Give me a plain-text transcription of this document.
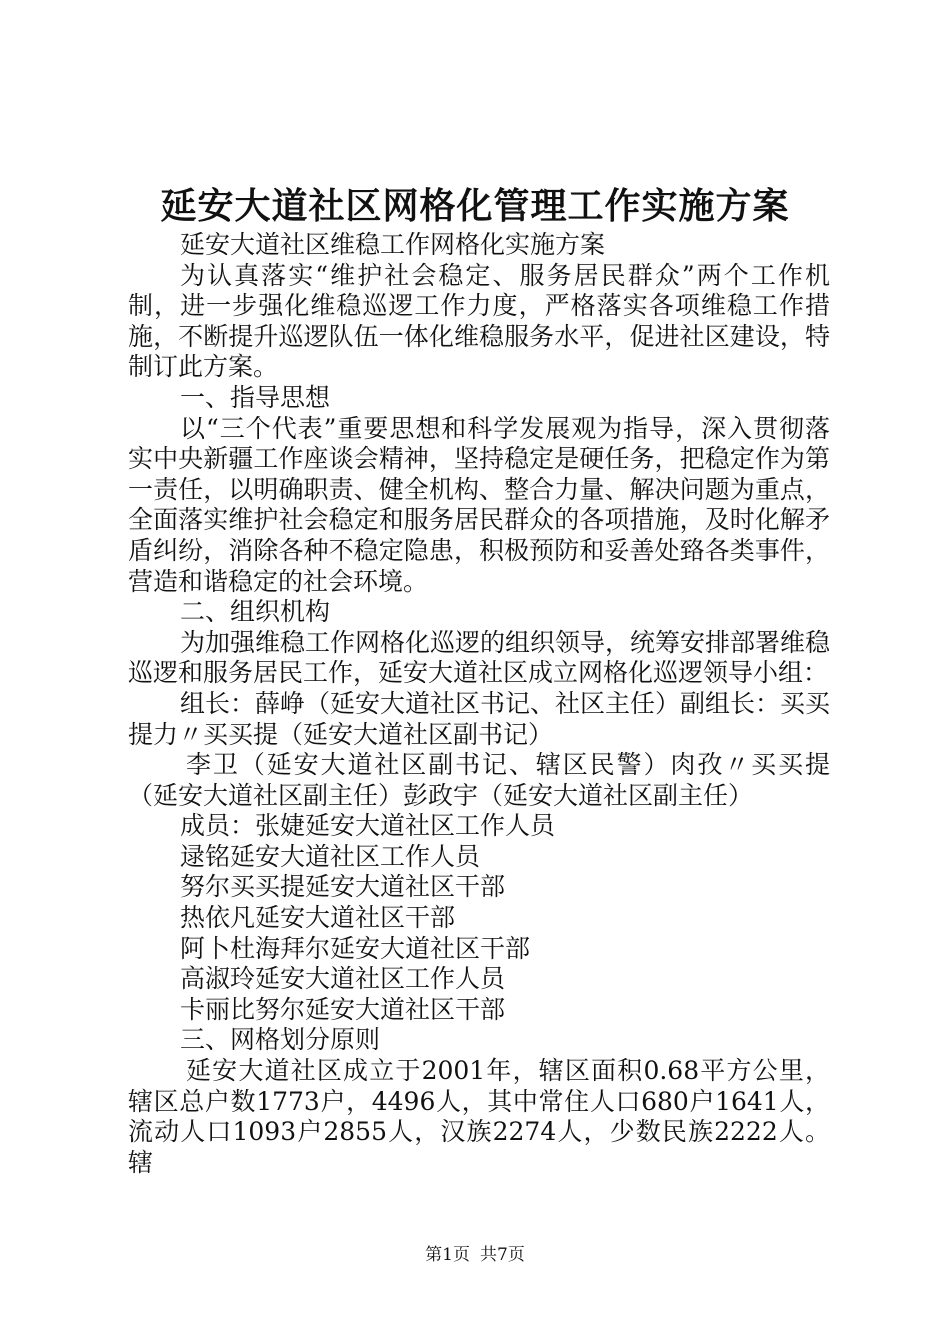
延安大道社区网格化管理工作实施方案

延安大道社区维稳工作网格化实施方案

为认真落实“维护社会稳定、服务居民群众”两个工作机制，进一步强化维稳巡逻工作力度，严格落实各项维稳工作措施，不断提升巡逻队伍一体化维稳服务水平，促进社区建设，特制订此方案。

一、指导思想

以“三个代表”重要思想和科学发展观为指导，深入贯彻落实中央新疆工作座谈会精神，坚持稳定是硬任务，把稳定作为第一责任，以明确职责、健全机构、整合力量、解决问题为重点，全面落实维护社会稳定和服务居民群众的各项措施，及时化解矛盾纠纷，消除各种不稳定隐患，积极预防和妥善处臵各类事件，营造和谐稳定的社会环境。

二、组织机构

为加强维稳工作网格化巡逻的组织领导，统筹安排部署维稳巡逻和服务居民工作，延安大道社区成立网格化巡逻领导小组：

组长：薛峥（延安大道社区书记、社区主任）副组长：买买提力〃买买提（延安大道社区副书记）

李卫（延安大道社区副书记、辖区民警）肉孜〃买买提（延安大道社区副主任）彭政宇（延安大道社区副主任）

成员：张婕延安大道社区工作人员

逯铭延安大道社区工作人员

努尔买买提延安大道社区干部

热依凡延安大道社区干部

阿卜杜海拜尔延安大道社区干部

高淑玲延安大道社区工作人员

卡丽比努尔延安大道社区干部

三、网格划分原则

延安大道社区成立于2001年，辖区面积0.68平方公里，辖区总户数1773户，4496人，其中常住人口680户1641人，流动人口1093户2855人，汉族2274人，少数民族2222人。辖

第1页 共7页
